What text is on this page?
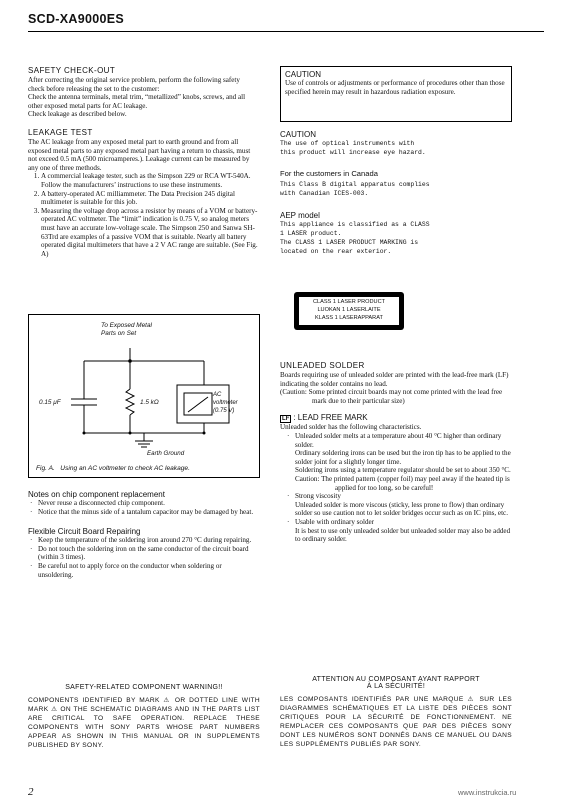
SCD-XA9000ES
SAFETY CHECK-OUT

After correcting the original service problem, perform the following safety check before releasing the set to the customer:

Check the antenna terminals, metal trim, “metallized” knobs, screws, and all other exposed metal parts for AC leakage.

Check leakage as described below.

LEAKAGE TEST

The AC leakage from any exposed metal part to earth ground and from all exposed metal parts to any exposed metal part having a return to chassis, must not exceed 0.5 mA (500 microamperes.). Leakage current can be measured by any one of three methods.

1. A commercial leakage tester, such as the Simpson 229 or RCA WT-540A. Follow the manufacturers’ instructions to use these instruments.
2. A battery-operated AC milliammeter. The Data Precision 245 digital multimeter is suitable for this job.
3. Measuring the voltage drop across a resistor by means of a VOM or battery-operated AC voltmeter. The “limit” indication is 0.75 V, so analog meters must have an accurate low-voltage scale. The Simpson 250 and Sanwa SH-63Trd are examples of a passive VOM that is suitable. Nearly all battery operated digital multimeters that have a 2 V AC range are suitable. (See Fig. A)
To Exposed Metal
Parts on Set
0.15 μF	1.5 kΩ
AC
voltmeter
(0.75 V)
Earth Ground
Fig. A.   Using an AC voltmeter to check AC leakage.
Notes on chip component replacement
· Never reuse a disconnected chip component.
· Notice that the minus side of a tantalum capacitor may be damaged by heat.
Flexible Circuit Board Repairing
· Keep the temperature of the soldering iron around 270 °C during repairing.
· Do not touch the soldering iron on the same conductor of the circuit board (within 3 times).
· Be careful not to apply force on the conductor when soldering or unsoldering.
CAUTION
Use of controls or adjustments or performance of procedures other than those specified herein may result in hazardous radiation exposure.
CAUTION
The use of optical instruments with this product will increase eye hazard.
For the customers in Canada
This Class B digital apparatus complies with Canadian ICES-003.
AEP model
This appliance is classified as a CLASS 1 LASER product.
The CLASS 1 LASER PRODUCT MARKING is located on the rear exterior.
CLASS 1 LASER PRODUCT
LUOKAN 1 LASERLAITE
KLASS 1 LASERAPPARAT
UNLEADED SOLDER
Boards requiring use of unleaded solder are printed with the lead-free mark (LF) indicating the solder contains no lead.
(Caution: Some printed circuit boards may not come printed with the lead free mark due to their particular size)
LF : LEAD FREE MARK
Unleaded solder has the following characteristics.
· Unleaded solder melts at a temperature about 40 °C higher than ordinary solder.
Ordinary soldering irons can be used but the iron tip has to be applied to the solder joint for a slightly longer time.
Soldering irons using a temperature regulator should be set to about 350 °C.
Caution: The printed pattern (copper foil) may peel away if the heated tip is applied for too long, so be careful!
· Strong viscosity
Unleaded solder is more viscous (sticky, less prone to flow) than ordinary solder so use caution not to let solder bridges occur such as on IC pins, etc.
· Usable with ordinary solder
It is best to use only unleaded solder but unleaded solder may also be added to ordinary solder.
SAFETY-RELATED COMPONENT WARNING!!
COMPONENTS IDENTIFIED BY MARK ⚠ OR DOTTED LINE WITH MARK ⚠ ON THE SCHEMATIC DIAGRAMS AND IN THE PARTS LIST ARE CRITICAL TO SAFE OPERATION. REPLACE THESE COMPONENTS WITH SONY PARTS WHOSE PART NUMBERS APPEAR AS SHOWN IN THIS MANUAL OR IN SUPPLEMENTS PUBLISHED BY SONY.
ATTENTION AU COMPOSANT AYANT RAPPORT
À LA SÉCURITÉ!
LES COMPOSANTS IDENTIFIÉS PAR UNE MARQUE ⚠ SUR LES DIAGRAMMES SCHÉMATIQUES ET LA LISTE DES PIÈCES SONT CRITIQUES POUR LA SÉCURITÉ DE FONCTIONNEMENT. NE REMPLACER CES COMPOSANTS QUE PAR DES PIÈCES SONY DONT LES NUMÉROS SONT DONNÉS DANS CE MANUEL OU DANS LES SUPPLÉMENTS PUBLIÉS PAR SONY.
2	www.instrukcia.ru
